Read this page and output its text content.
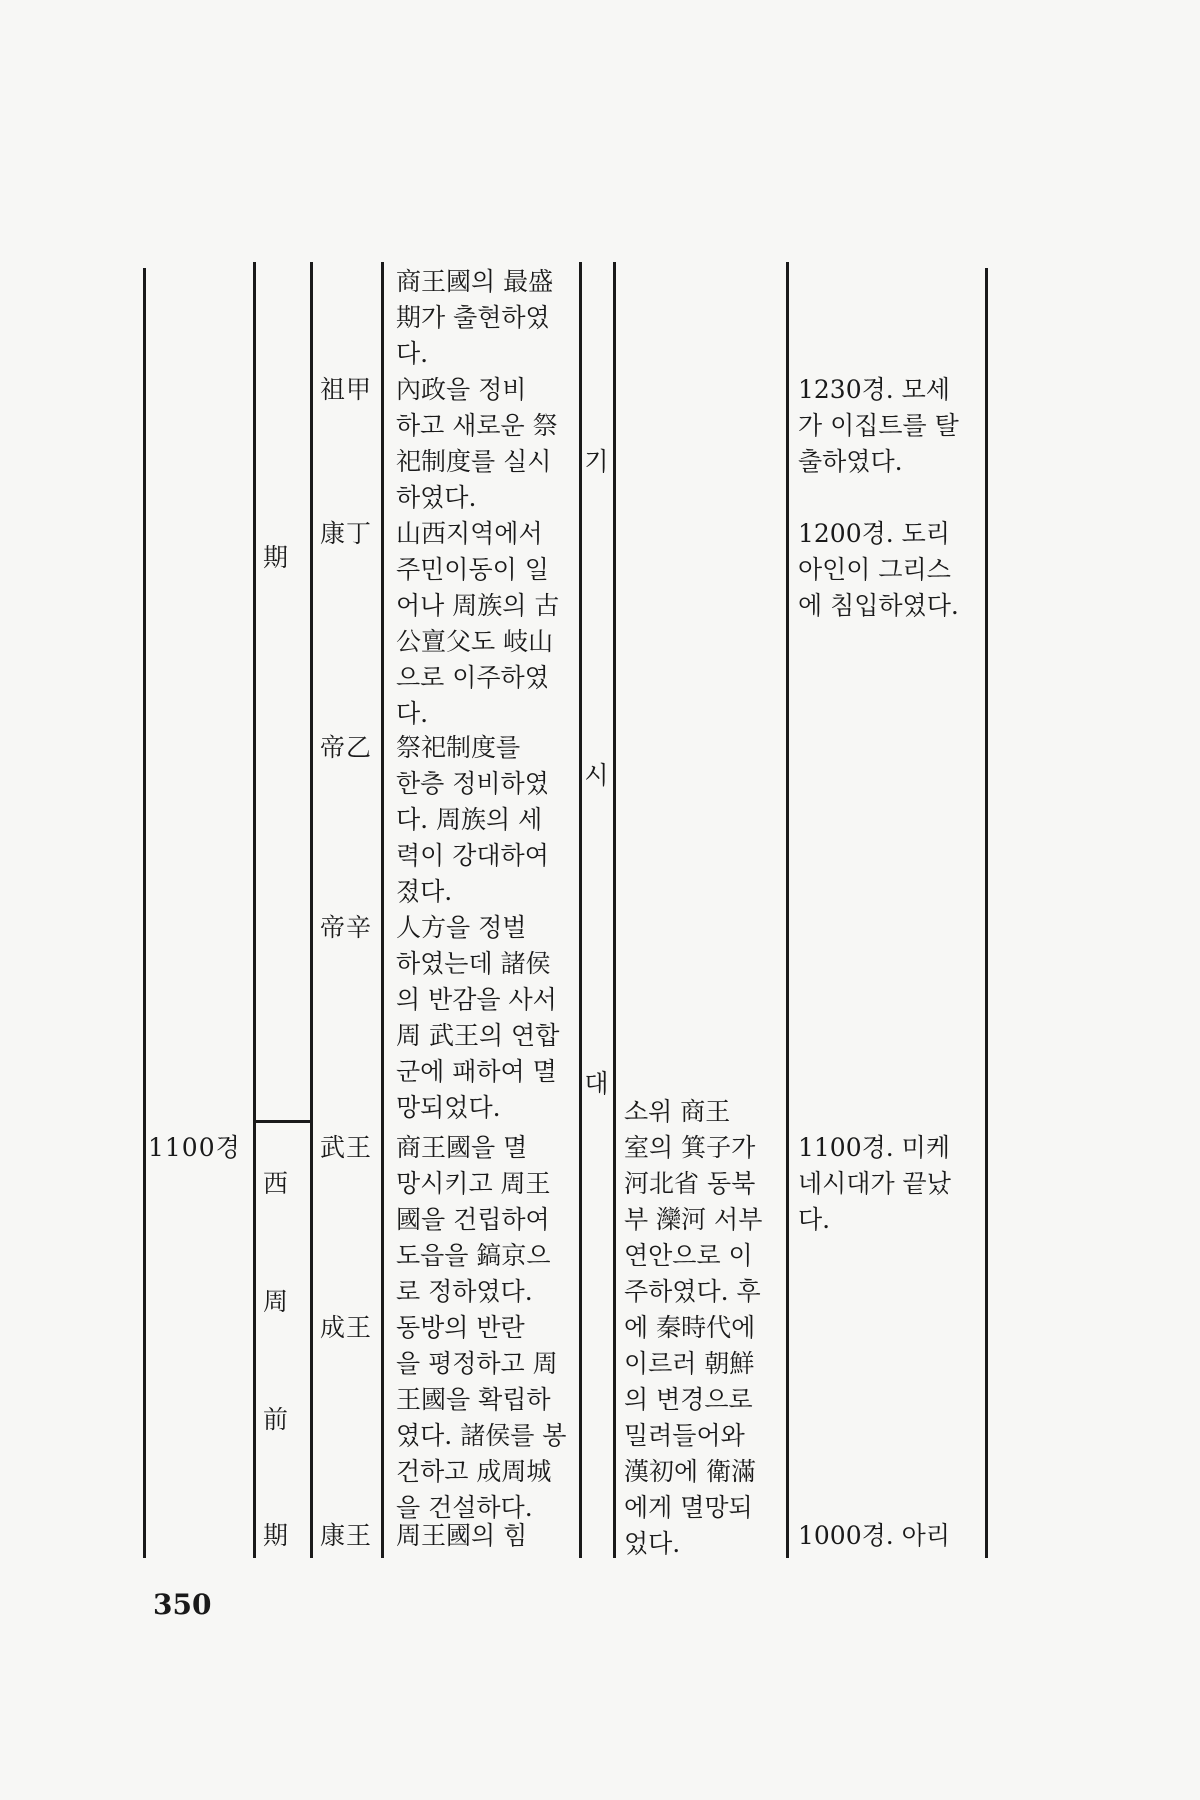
1100경
期
西
周
前
期
祖甲
康丁
帝乙
帝辛
武王
成王
康王
商王國의 最盛
期가 출현하였
다.
內政을 정비
하고 새로운 祭
祀制度를 실시
하였다.
山西지역에서
주민이동이 일
어나 周族의 古
公亶父도 岐山
으로 이주하였
다.
祭祀制度를
한층 정비하였
다. 周族의 세
력이 강대하여
졌다.
人方을 정벌
하였는데 諸侯
의 반감을 사서
周 武王의 연합
군에 패하여 멸
망되었다.
商王國을 멸
망시키고 周王
國을 건립하여
도읍을 鎬京으
로 정하였다.
동방의 반란
을 평정하고 周
王國을 확립하
였다. 諸侯를 봉
건하고 成周城
을 건설하다.
周王國의 힘
기
시
대
소위 商王
室의 箕子가
河北省 동북
부 灤河 서부
연안으로 이
주하였다. 후
에 秦時代에
이르러 朝鮮
의 변경으로
밀려들어와
漢初에 衛滿
에게 멸망되
었다.
1230경. 모세
가 이집트를 탈
출하였다.
1200경. 도리
아인이 그리스
에 침입하였다.
1100경. 미케
네시대가 끝났
다.
1000경. 아리
350
